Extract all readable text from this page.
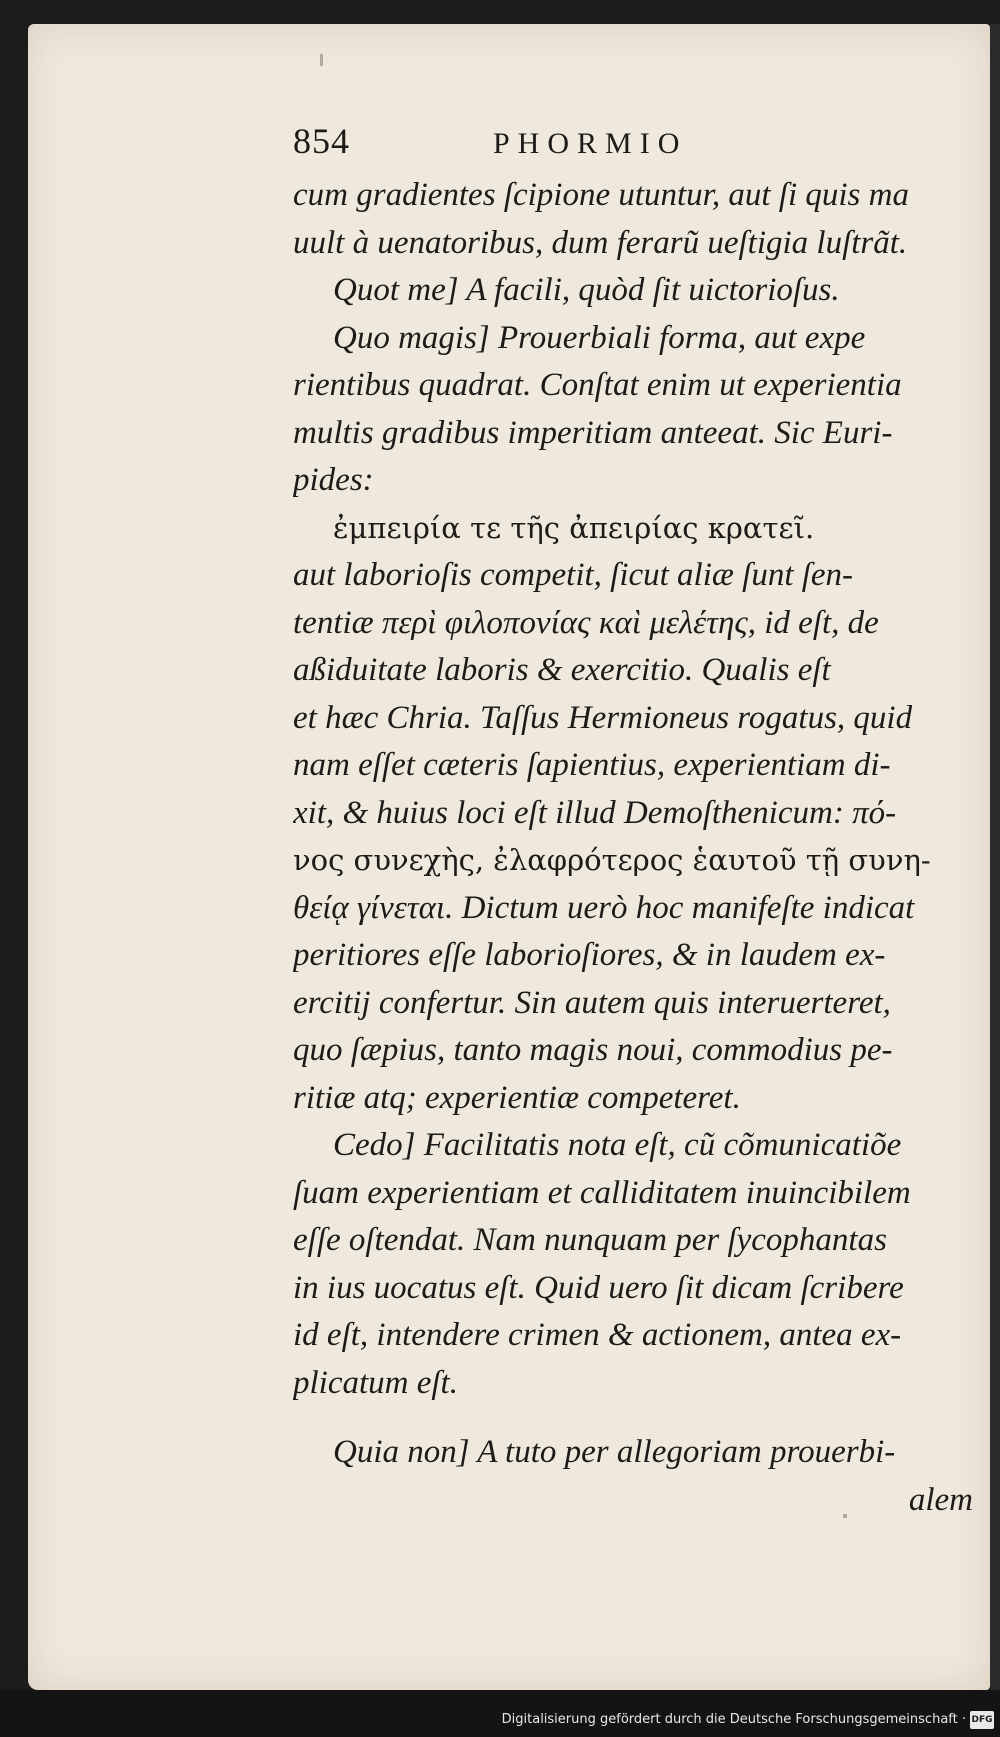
854	PHORMIO
cum gradientes ſcipione utuntur, aut ſi quis ma
uult à uenatoribus, dum ferarũ ueſtigia luſtrãt.
Quot me] A facili, quòd ſit uictorioſus.
Quo magis] Prouerbiali forma, aut expe
rientibus quadrat. Conſtat enim ut experientia
multis gradibus imperitiam anteeat. Sic Euri-
pides:
ἐμπειρία τε τῆς ἀπειρίας κρατεῖ.
aut laborioſis competit, ſicut aliæ ſunt ſen-
tentiæ περὶ φιλοπονίας καὶ μελέτης, id eſt, de
aßiduitate laboris & exercitio. Qualis eſt
et hæc Chria. Taſſus Hermioneus rogatus, quid
nam eſſet cæteris ſapientius, experientiam di-
xit, & huius loci eſt illud Demoſthenicum: πό-
νος συνεχὴς, ἐλαφρότερος ἑαυτοῦ τῇ συνη-
θείᾳ γίνεται. Dictum uerò hoc manifeſte indicat
peritiores eſſe laborioſiores, & in laudem ex-
ercitij confertur. Sin autem quis interuerteret,
quo ſæpius, tanto magis noui, commodius pe-
ritiæ atq; experientiæ competeret.
Cedo] Facilitatis nota eſt, cũ cõmunicatiõe
ſuam experientiam et calliditatem inuincibilem
eſſe oſtendat. Nam nunquam per ſycophantas
in ius uocatus eſt. Quid uero ſit dicam ſcribere
id eſt, intendere crimen & actionem, antea ex-
plicatum eſt.
Quia non] A tuto per allegoriam prouerbi-
alem
Digitalisierung gefördert durch die Deutsche Forschungsgemeinschaft · DFG
